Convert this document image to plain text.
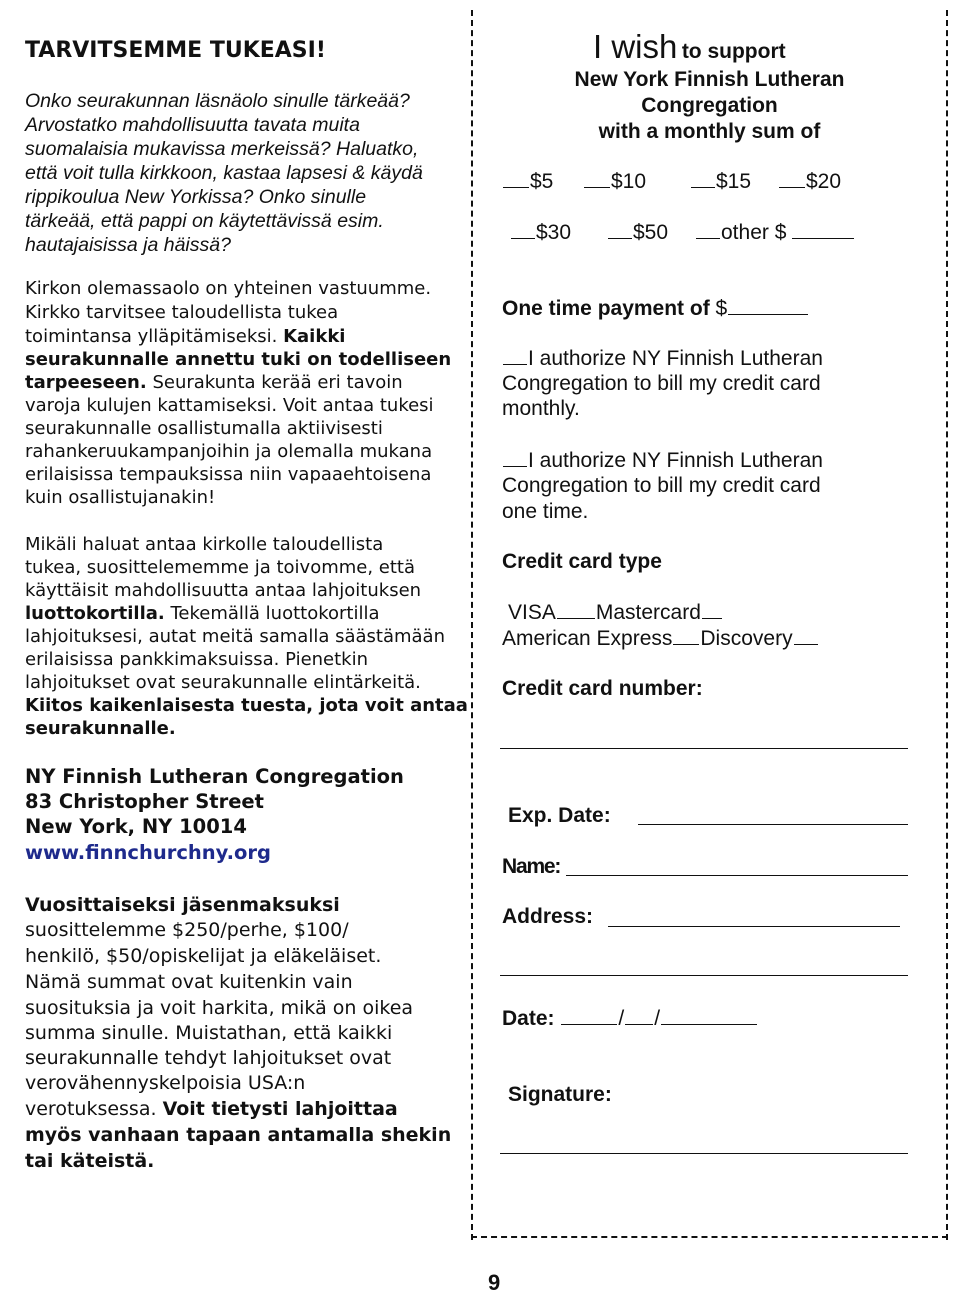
TARVITSEMME TUKEASI!
Onko seurakunnan läsnäolo sinulle tärkeää?
Arvostatko mahdollisuutta tavata muita
suomalaisia mukavissa merkeissä? Haluatko,
että voit tulla kirkkoon, kastaa lapsesi & käydä
rippikoulua New Yorkissa? Onko sinulle
tärkeää, että pappi on käytettävissä esim.
hautajaisissa ja häissä?
Kirkon olemassaolo on yhteinen vastuumme.
Kirkko tarvitsee taloudellista tukea
toimintansa ylläpitämiseksi. Kaikki
seurakunnalle annettu tuki on todelliseen
tarpeeseen. Seurakunta kerää eri tavoin
varoja kulujen kattamiseksi. Voit antaa tukesi
seurakunnalle osallistumalla aktiivisesti
rahankeruukampanjoihin ja olemalla mukana
erilaisissa tempauksissa niin vapaaehtoisena
kuin osallistujanakin!
Mikäli haluat antaa kirkolle taloudellista
tukea, suosittelememme ja toivomme, että
käyttäisit mahdollisuutta antaa lahjoituksen
luottokortilla. Tekemällä luottokortilla
lahjoituksesi, autat meitä samalla säästämään
erilaisissa pankkimaksuissa. Pienetkin
lahjoitukset ovat seurakunnalle elintärkeitä.
Kiitos kaikenlaisesta tuesta, jota voit antaa
seurakunnalle.
NY Finnish Lutheran Congregation
83 Christopher Street
New York, NY 10014
www.finnchurchny.org
Vuosittaiseksi jäsenmaksuksi
suosittelemme $250/perhe, $100/
henkilö, $50/opiskelijat ja eläkeläiset.
Nämä summat ovat kuitenkin vain
suosituksia ja voit harkita, mikä on oikea
summa sinulle. Muistathan, että kaikki
seurakunnalle tehdyt lahjoitukset ovat
verovähennyskelpoisia USA:n
verotuksessa. Voit tietysti lahjoittaa
myös vanhaan tapaan antamalla shekin
tai käteistä.
I wish to support
New York Finnish Lutheran
Congregation
with a monthly sum of
$5	$10	$15	$20
$30	$50	other $
One time payment of $
I authorize NY Finnish Lutheran
Congregation to bill my credit card
monthly.
I authorize NY Finnish Lutheran
Congregation to bill my credit card
one time.
Credit card type
VISA Mastercard
American Express Discovery
Credit card number:
Exp. Date:
Name:
Address:
Date:	/ /
Signature:
9
